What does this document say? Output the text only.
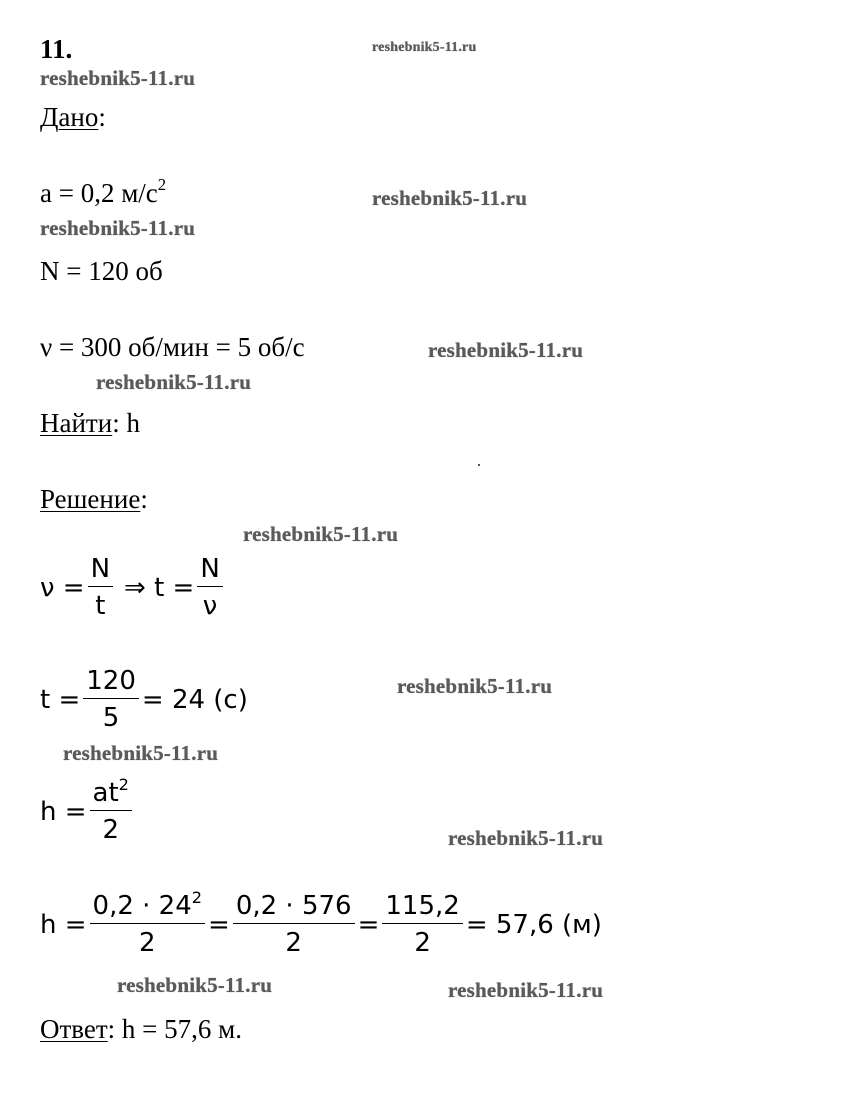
11.	reshebnik5-11.ru
reshebnik5-11.ru
reshebnik5-11.ru
reshebnik5-11.ru
reshebnik5-11.ru
reshebnik5-11.ru
reshebnik5-11.ru
reshebnik5-11.ru
reshebnik5-11.ru
reshebnik5-11.ru
reshebnik5-11.ru	reshebnik5-11.ru
Дано:
a = 0,2 $м/с^2$
N = 120 об
ν = 300 об/мин = 5 об/с
Найти: h
Решение:
$\nu = \frac{N}{t}$ ⇒ $t = \frac{N}{\nu}$
$t = \frac{120}{5} = 24$ (с)
$h = \frac{at^2}{2}$
$h = \frac{0,2 \cdot 24^2}{2} = \frac{0,2 \cdot 576}{2} = \frac{115,2}{2} = 57,6$ (м)
Ответ: h = 57,6 м.
